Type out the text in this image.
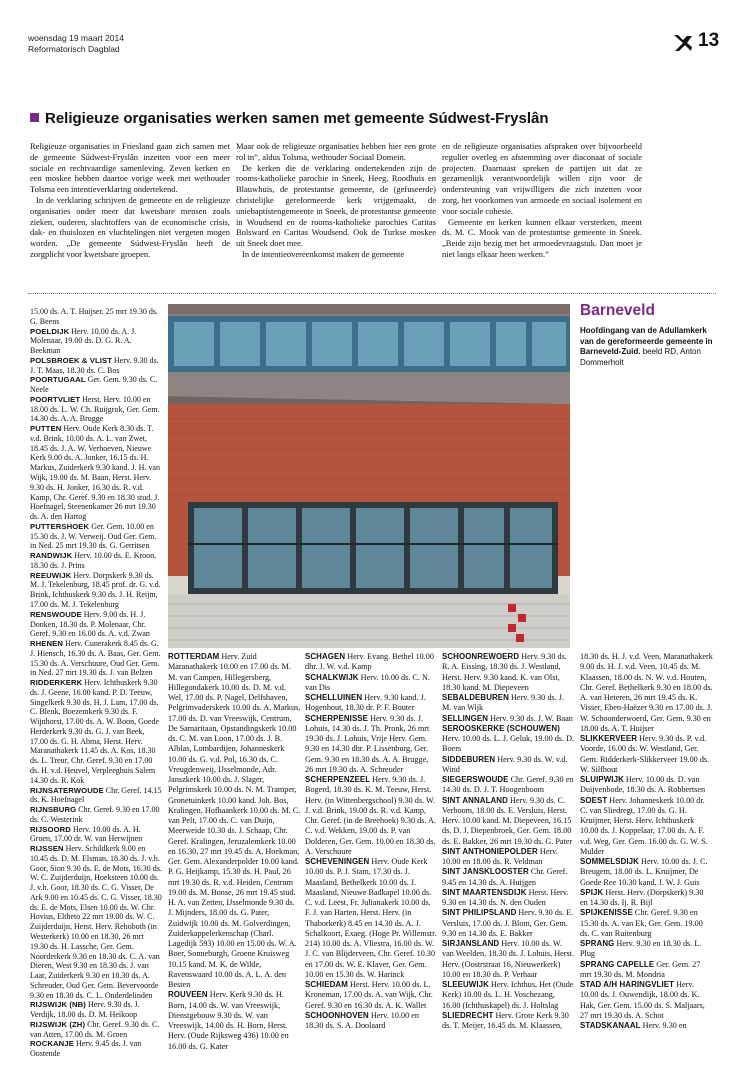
woensdag 19 maart 2014
Reformatorisch Dagblad	13
Religieuze organisaties werken samen met gemeente Súdwest-Fryslân

Religieuze organisaties in Friesland gaan zich samen met de gemeente Súdwest-Fryslân inzetten voor een meer sociale en rechtvaardige samenleving. Zeven kerken en een moskee hebben daartoe vorige week met wethouder Tolsma een intentieverklaring ondertekend.

In de verklaring schrijven de gemeente en de religieuze organisaties onder meer dat kwetsbare mensen zoals zieken, ouderen, slachtoffers van de economische crisis, dak- en thuislozen en vluchtelingen niet vergeten mogen worden. „De gemeente Súdwest-Fryslân heeft de zorgplicht voor kwetsbare groepen.

Maar ook de religieuze organisaties hebben hier een grote rol in”, aldus Tolsma, wethouder Sociaal Domein.

De kerken die de verklaring ondertekenden zijn de rooms-katholieke parochie in Sneek, Heeg, Roodhuis en Blauwhuis, de protestantse gemeente, de (gefuseerde) christelijke gereformeerde kerk vrijgemaakt, de uniebaptistengemeente in Sneek, de protestantse gemeente in Woudsend en de rooms-katholieke parochies Caritas Bolsward en Caritas Woudsend. Ook de Turkse moskee uit Sneek doet mee.

In de intentieovereenkomst maken de gemeente

en de religieuze organisaties afspraken over bijvoorbeeld regulier overleg en afstemming over diaconaat of sociale projecten. Daarnaast spreken de partijen uit dat ze gezamenlijk verantwoordelijk willen zijn voor de ondersteuning van vrijwilligers die zich inzetten voor zorg, het voorkomen van armoede en sociaal isolement en voor sociale cohesie.

Gemeente en kerken kunnen elkaar versterken, meent ds. M. C. Mook van de protestantse gemeente in Sneek. „Beide zijn bezig met het armoedevraagstuk. Dan moet je niet langs elkaar heen werken.”

Barneveld
Hoofdingang van de Adullamkerk van de gereformeerde gemeente in Barneveld-Zuid. beeld RD, Anton Dommerholt

15.00 ds. A. T. Huijser. 25 mrt 19.30 ds. G. Beens

POELDIJK Herv. 10.00 ds. A. J. Molenaar, 19.00 ds. D. G. R. A. Beekman

POLSBROEK & VLIST Herv. 9.30 ds. J. T. Maas, 18.30 ds. C. Bos

POORTUGAAL Ger. Gem. 9.30 ds. C. Neele

POORTVLIET Herst. Herv. 10.00 en 18.00 ds. L. W. Ch. Ruijgrok, Ger. Gem. 14.30 ds. A. A. Brugge

PUTTEN Herv. Oude Kerk 8.30 ds. T. v.d. Brink, 10.00 ds. A. L. van Zwet, 18.45 ds. J. A. W. Verhoeven, Nieuwe Kerk 9.00 ds. A. Jonker, 16.15 ds. H. Markus, Zuiderkerk 9.30 kand. J. H. van Wijk, 19.00 ds. M. Baan, Herst. Herv. 9.30 ds. H. Jonker, 16.30 ds. R. v.d. Kamp, Chr. Geref. 9.30 en 18.30 stud. J. Hoefnagel, Steenenkamer 26 mrt 19.30 ds. A. den Hartog

PUTTERSHOEK Ger. Gem. 10.00 en 15.30 ds. J. W. Verweij. Oud Ger. Gem. in Ned. 25 mrt 19.30 ds. G. Gerritsen

RANDWIJK Herv. 10.00 ds. E. Kroon, 18.30 ds. J. Prins

REEUWIJK Herv. Dorpskerk 9.30 ds. M. J. Tekelenburg, 18.45 prof. dr. G. v.d. Brink, Ichthuskerk 9.30 ds. J. H. Reijm, 17.00 ds. M. J. Tekelenburg

RENSWOUDE Herv. 9.00 ds. H. J. Donken, 18.30 ds. P. Molenaar, Chr. Geref. 9.30 en 16.00 ds. A. v.d. Zwan

RHENEN Herv. Cunerakerk 8.45 ds. G. J. Hiensch, 16.30 ds. A. Baas, Ger. Gem. 15.30 ds. A. Verschuure, Oud Ger. Gem. in Ned. 27 mrt 19.30 ds. J. van Belzen

RIDDERKERK Herv. Ichthuskerk 9.30 ds. J. Geene, 16.00 kand. P. D. Teeuw, Singelkerk 9.30 ds. H. J. Lam, 17.00 ds. C. Blenk, Boezemkerk 9.30 ds. F. Wijnhorst, 17.00 ds. A. W. Boon, Goede Herderkerk 9.30 ds. G. J. van Beek, 17.00 ds. G. H. Abma, Herst. Herv. Maranathakerk 11.45 ds. A. Kos, 18.30 ds. L. Treur, Chr. Geref. 9.30 en 17.00 ds. H. v.d. Heuvel, Verpleeghuis Salem 14.30 ds. R. Kok

RIJNSATERWOUDE Chr. Geref. 14.15 ds. K. Hoefnagel

RIJNSBURG Chr. Geref. 9.30 en 17.00 ds. C. Westerink

RIJSOORD Herv. 10.00 ds. A. H. Groen, 17.00 dr. W. van Herwijnen

RIJSSEN Herv. Schildkerk 9.00 en 10.45 ds. D. M. Elsman, 18.30 ds. J. v.h. Goor, Sion 9.30 ds. E. de Mots, 16.30 ds. W. C. Zuijderduijn, Hoeksteen 10.00 ds. J. v.h. Goor, 18.30 ds. C. G. Visser, De Ark 9.00 en 10.45 ds. C. G. Visser, 18.30 ds. E. de Mots, Elsen 10.00 ds. W. Chr. Hovius, Eltheto 22 mrt 19.00 ds. W. C. Zuijderduijn, Herst. Herv. Rehoboth (in Westerkerk) 10.00 en 18.30, 26 mrt 19.30 ds. H. Lassche, Ger. Gem. Noorderkerk 9.30 en 18.30 ds. C. A. van Dieren, West 9.30 en 18.30 ds. J. van Laar, Zuiderkerk 9.30 en 18.30 ds. A. Schreuder, Oud Ger. Gem. Bevervoorde 9.30 en 18.30 ds. C. L. Onderdelinden

RIJSWIJK (NB) Herv. 9.30 ds. J. Verdijk, 18.00 ds. D. M. Heikoop

RIJSWIJK (ZH) Chr. Geref. 9.30 ds. C. van Atten, 17.00 ds. M. Groen

ROCKANJE Herv. 9.45 ds. J. van Oostende

ROTTERDAM Herv. Zuid Maranathakerk 10.00 en 17.00 ds. M. M. van Campen, Hillegersberg, Hillegondakerk 10.00 ds. D. M. v.d. Wel, 17.00 ds. P. Nagel, Delfshaven, Pelgrimvaderskerk 10.00 ds. A. Markus, 17.00 ds. D. van Vreeswijk, Centrum, De Samaritaan, Opstandingskerk 10.00 ds. C. M. van Loon, 17.00 ds. J. B. Alblas, Lombardijen, Johanneskerk 10.00 ds. G. v.d. Pol, 16.30 ds. C. Vreugdenweij, IJsselmonde, Adr. Janszkerk 10.00 ds. J. Slager, Pelgrimskerk 10.00 ds. N. M. Tramper, Gronetuinkerk 10.00 kand. Joh. Bos, Kralingen, Hofhaankerk 10.00 ds. M. C. van Pelt, 17.00 ds. C. van Duijn, Meerweide 10.30 ds. J. Schaap, Chr. Geref. Kralingen, Jeruzalemkerk 10.00 en 16.30, 27 mrt 19.45 ds. A. Hoekman, Ger. Gem. Alexanderpolder 10.00 kand. P. G. Heijkamp, 15.30 ds. H. Paul, 26 mrt 19.30 ds. R. v.d. Heiden, Centrum 19.00 ds. M. Bonse, 26 mrt 19.45 stud. H. A. van Zetten, IJsselmonde 9.30 ds. J. Mijnders, 18.00 ds. G. Pater, Zuidwijk 10.00 ds. M. Golverdingen, Zuiderkappelerkenschap (Charl. Lagedijk 593) 10.00 en 15.00 ds. W. A. Boer, Sonneburgh, Groene Kruisweg 10.15 kand. M. K. de Wilde, Ravenswaard 10.00 ds. A. L. A. den Besten

ROUVEEN Herv. Kerk 9.30 ds. H. Born, 14.00 ds. W. van Vreeswijk, Dienstgebouw 9.30 ds. W. van Vreeswijk, 14.00 ds. H. Born, Herst. Herv. (Oude Rijksweg 436) 10.00 en 16.00 ds. G. Kater

SCHAGEN Herv. Evang. Bethel 10.00 dhr. J. W. v.d. Kamp

SCHALKWIJK Herv. 10.00 ds. C. N. van Dis

SCHELLUINEN Herv. 9.30 kand. J. Hogenhout, 18.30 dr. P. F. Bouter

SCHERPENISSE Herv. 9.30 ds. J. Lohuis, 14.30 ds. J. Th. Pronk, 26 mrt 19.30 ds. J. Lohuis, Vrije Herv. Gem. 9.30 en 14.30 dhr. P. Lissenburg, Ger. Gem. 9.30 en 18.30 ds. A. A. Brugge, 26 mrt 19.30 ds. A. Schreuder

SCHERPENZEEL Herv. 9.30 ds. J. Bogerd, 18.30 ds. K. M. Teeuw, Herst. Herv. (in Wittenbergschool) 9.30 ds. W. J. v.d. Brink, 19.00 ds. R. v.d. Kamp, Chr. Geref. (in de Breehoek) 9.30 ds. A. C. v.d. Wekken, 19.00 ds. P. van Dolderen, Ger. Gem. 10.00 en 18.30 ds. A. Verschuure

SCHEVENINGEN Herv. Oude Kerk 10.00 ds. P. J. Stam, 17.30 ds. J. Maasland, Bethelkerk 10.00 ds. J. Maasland, Nieuwe Badkapel 10.00 ds. C. v.d. Leest, Fr. Julianakerk 10.00 ds. F. J. van Harten, Herst. Herv. (in Thaborkerk) 8.45 en 14.30 ds. A. J. Schalkoort, Exaeg. (Hoge Pr. Willemstr. 214) 10.00 ds. A. Vliestra, 16.00 ds. W. J. C. van Blijderveen, Chr. Geref. 10.30 en 17.00 ds. W. E. Klaver, Ger. Gem. 10.00 en 15.30 ds. W. Harinck

SCHIEDAM Herst. Herv. 10.00 ds. L. Kroneman, 17.00 ds. A. van Wijk, Chr. Geref. 9.30 en 16.30 ds. A. K. Wallet

SCHOONHOVEN Herv. 10.00 en 18.30 ds. S. A. Doolaard

SCHOONREWOERD Herv. 9.30 ds. R. A. Eissing, 18.30 ds. J. Westland, Herst. Herv. 9.30 kand. K. van Olst, 18.30 kand. M. Diepeveen

SEBALDEBUREN Herv. 9.30 ds. J. M. van Wijk

SELLINGEN Herv. 9.30 ds. J. W. Baan

SEROOSKERKE (SCHOUWEN) Herv. 10.00 ds. L. J. Geluk, 19.00 ds. D. Boers

SIDDEBUREN Herv. 9.30 ds. W. v.d. Wind

SIEGERSWOUDE Chr. Geref. 9.30 en 14.30 ds. D. J. T. Hoogenboom

SINT ANNALAND Herv. 9.30 ds. C. Verboom, 18.00 ds. E. Versluis, Herst. Herv. 10.00 kand. M. Diepeveen, 16.15 ds. D. J. Diepenbroek, Ger. Gem. 18.00 ds. E. Bakker, 26 mrt 19.30 ds. G. Pater

SINT ANTHONIEPOLDER Herv. 10.00 en 18.00 ds. R. Veldman

SINT JANSKLOOSTER Chr. Geref. 9.45 en 14.30 ds. A. Huijgen

SINT MAARTENSDIJK Herst. Herv. 9.30 en 14.30 ds. N. den Ouden

SINT PHILIPSLAND Herv. 9.30 ds. E. Versluis, 17.00 ds. J. Blom, Ger. Gem. 9.30 en 14.30 ds. E. Bakker

SIRJANSLAND Herv. 10.00 ds. W. van Weelden, 18.30 ds. J. Lohuis, Herst. Herv. (Oostrstraat 16, Nieuwerkerk) 10.00 en 18.30 ds. P. Verhaar

SLEEUWIJK Herv. Ichthus, Het (Oude Kerk) 10.00 ds. L. H. Voschezang, 16.00 (Ichthuskapel) ds. J. Holtslag

SLIEDRECHT Herv. Grote Kerk 9.30 ds. T. Meijer, 16.45 ds. M. Klaassen,

18.30 ds. H. J. v.d. Veen, Maranathakerk 9.00 ds. H. J. v.d. Veen, 10.45 ds. M. Klaassen, 18.00 ds. N. W. v.d. Houten, Chr. Geref. Bethelkerk 9.30 en 18.00 ds. A. van Heteren, 26 mrt 19.45 ds. K. Visser, Eben-Haëzer 9.30 en 17.00 ds. J. W. Schoonderwoerd, Ger. Gem. 9.30 en 18.00 ds. A. T. Huijser

SLIKKERVEER Herv. 9.30 ds. P. v.d. Voorde, 16.00 ds. W. Westland, Ger. Gem. Ridderkerk-Slikkerveer 19.00 ds. W. Silfhout

SLUIPWIJK Herv. 10.00 ds. D. van Duijvenbode, 18.30 ds. A. Robbertsen

SOEST Herv. Johanneskerk 10.00 dr. C. van Sliedregt, 17.00 ds. G. H. Kruijmer, Herst. Herv. Ichthuskerk 10.00 ds. J. Koppelaar, 17.00 ds. A. F. v.d. Weg, Ger. Gem. 16.00 ds. G. W. S. Mulder

SOMMELSDIJK Herv. 10.00 ds. J. C. Breugem, 18.00 ds. L. Kruijmer, De Goede Ree 10.30 kand. J. W. J. Guis

SPIJK Herst. Herv. (Dorpskerk) 9.30 en 14.30 ds. Ij. R. Bijl

SPIJKENISSE Chr. Geref. 9.30 en 15.30 ds. A. van Ek, Ger. Gem. 19.00 ds. C. van Ruitenburg

SPRANG Herv. 9.30 en 18.30 ds. L. Plug

SPRANG CAPELLE Ger. Gem. 27 mrt 19.30 ds. M. Mondria

STAD A/H HARINGVLIET Herv. 10.00 ds. J. Ouwendijk, 18.00 ds. K. Hak, Ger. Gem. 15.00 ds. S. Maljaars, 27 mrt 19.30 ds. A. Schot

STADSKANAAL Herv. 9.30 en
